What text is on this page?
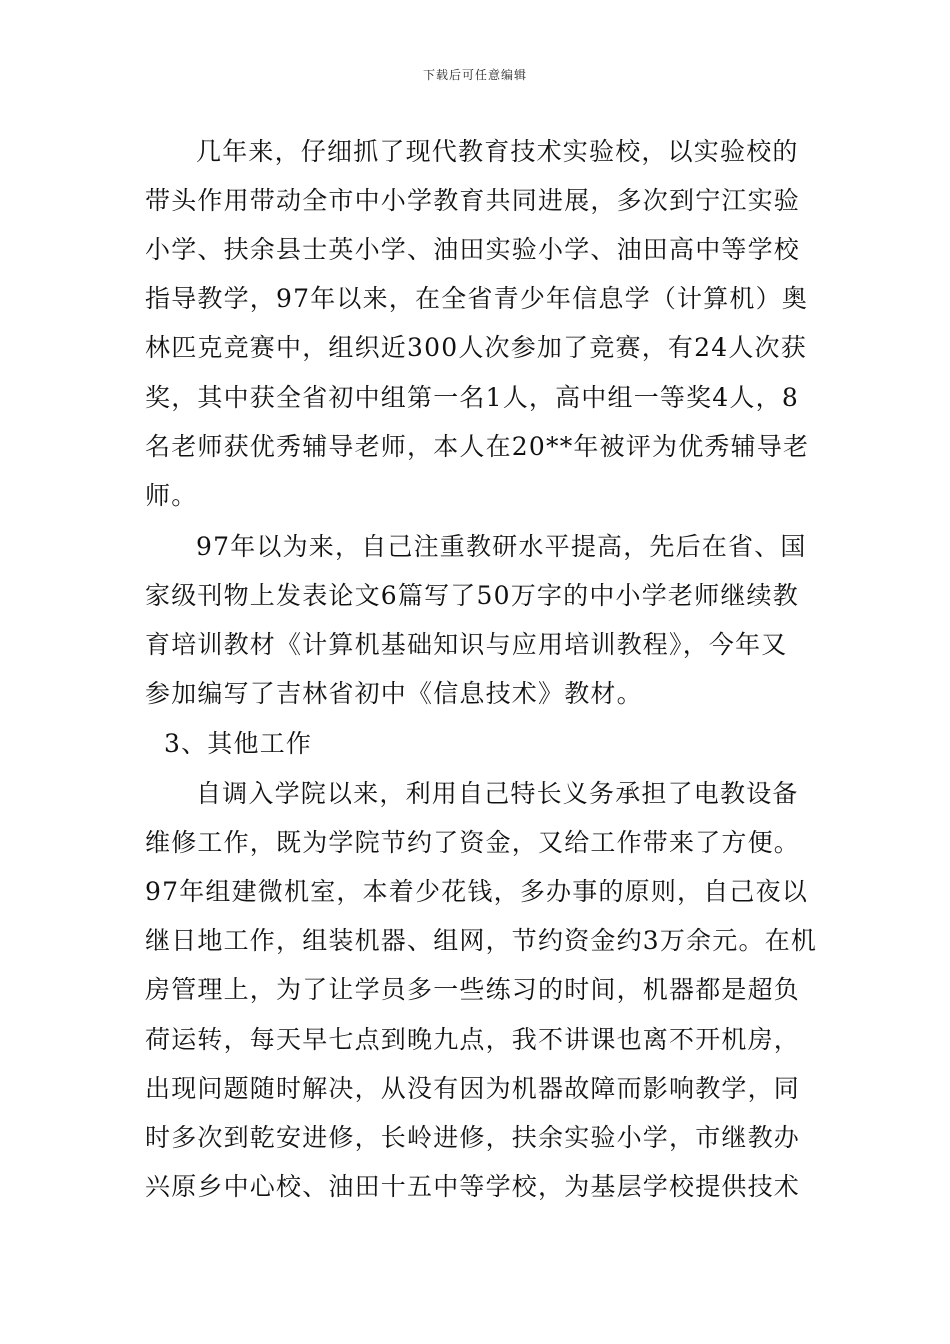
下载后可任意编辑
几年来，仔细抓了现代教育技术实验校，以实验校的
带头作用带动全市中小学教育共同进展，多次到宁江实验
小学、扶余县士英小学、油田实验小学、油田高中等学校
指导教学，97年以来，在全省青少年信息学（计算机）奥
林匹克竞赛中，组织近300人次参加了竞赛，有24人次获
奖，其中获全省初中组第一名1人，高中组一等奖4人，8
名老师获优秀辅导老师，本人在20**年被评为优秀辅导老
师。
97年以为来，自己注重教研水平提高，先后在省、国
家级刊物上发表论文6篇写了50万字的中小学老师继续教
育培训教材《计算机基础知识与应用培训教程》，今年又
参加编写了吉林省初中《信息技术》教材。
3、其他工作
自调入学院以来，利用自己特长义务承担了电教设备
维修工作，既为学院节约了资金，又给工作带来了方便。
97年组建微机室，本着少花钱，多办事的原则，自己夜以
继日地工作，组装机器、组网，节约资金约3万余元。在机
房管理上，为了让学员多一些练习的时间，机器都是超负
荷运转，每天早七点到晚九点，我不讲课也离不开机房，
出现问题随时解决，从没有因为机器故障而影响教学，同
时多次到乾安进修，长岭进修，扶余实验小学，市继教办
兴原乡中心校、油田十五中等学校，为基层学校提供技术
